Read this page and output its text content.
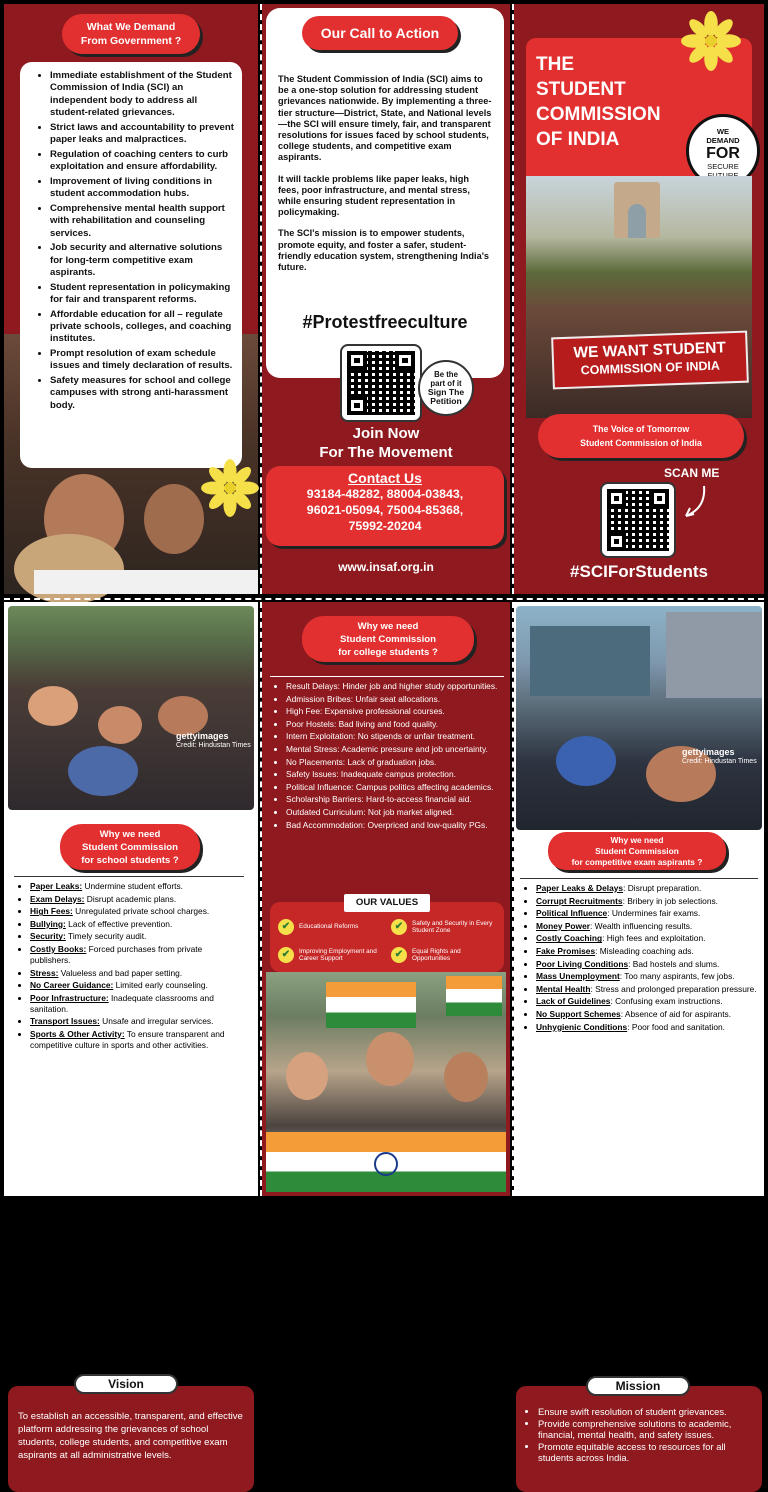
What We Demand
From Government ?
• Immediate establishment of the Student Commission of India (SCI) an independent body to address all student-related grievances.
• Strict laws and accountability to prevent paper leaks and malpractices.
• Regulation of coaching centers to curb exploitation and ensure affordability.
• Improvement of living conditions in student accommodation hubs.
• Comprehensive mental health support with rehabilitation and counseling services.
• Job security and alternative solutions for long-term competitive exam aspirants.
• Student representation in policymaking for fair and transparent reforms.
• Affordable education for all – regulate private schools, colleges, and coaching institutes.
• Prompt resolution of exam schedule issues and timely declaration of results.
• Safety measures for school and college campuses with strong anti-harassment body.

The Student Commission of India (SCI) aims to be a one-stop solution for addressing student grievances nationwide. By implementing a three-tier structure—District, State, and National levels—the SCI will ensure timely, fair, and transparent resolutions for issues faced by school students, college students, and competitive exam aspirants.

It will tackle problems like paper leaks, high fees, poor infrastructure, and mental stress, while ensuring student representation in policymaking.

The SCI's mission is to empower students, promote equity, and foster a safer, student-friendly education system, strengthening India's future.

#Protestfreeculture
Our Call to Action
Be the
part of it
Sign The
Petition
Join Now
For The Movement
Contact Us
93184-48282, 88004-03843,
96021-05094, 75004-85368,
75992-20204
www.insaf.org.in
THE
STUDENT
COMMISSION
OF INDIA	WE
DEMAND
FOR
SECURE
WE WANT STUDENT
COMMISSION OF INDIA
The Voice of Tomorrow
Student Commission of India
SCAN ME
#SCIForStudents
gettyimages
Credit: Hindustan Times
Why we need
Student Commission
for school students ?
• Paper Leaks: Undermine student efforts.
• Exam Delays: Disrupt academic plans.
• High Fees: Unregulated private school charges.
• Bullying: Lack of effective prevention.
• Security: Timely security audit.
• Costly Books: Forced purchases from private publishers.
• Stress: Valueless and bad paper setting.
• No Career Guidance: Limited early counseling.
• Poor Infrastructure: Inadequate classrooms and sanitation.
• Transport Issues: Unsafe and irregular services.
• Sports & Other Activity: To ensure transparent and competitive culture in sports and other activities.

To establish an accessible, transparent, and effective platform addressing the grievances of school students, college students, and competitive exam aspirants at all administrative levels.

Vision
Why we need
Student Commission
for college students ?
• Result Delays: Hinder job and higher study opportunities.
• Admission Bribes: Unfair seat allocations.
• High Fee: Expensive professional courses.
• Poor Hostels: Bad living and food quality.
• Intern Exploitation: No stipends or unfair treatment.
• Mental Stress: Academic pressure and job uncertainty.
• No Placements: Lack of graduation jobs.
• Safety Issues: Inadequate campus protection.
• Political Influence: Campus politics affecting academics.
• Scholarship Barriers: Hard-to-access financial aid.
• Outdated Curriculum: Not job market aligned.
• Bad Accommodation: Overpriced and low-quality PGs.
OUR VALUES
✔	Educational Reforms	✔	Safety and Security in Every Student Zone
✔	Improving Employment and Career Support	✔	Equal Rights and Opportunities
gettyimages
Credit: Hindustan Times
Why we need
Student Commission
for competitive exam aspirants ?
• Paper Leaks & Delays: Disrupt preparation.
• Corrupt Recruitments: Bribery in job selections.
• Political Influence: Undermines fair exams.
• Money Power: Wealth influencing results.
• Costly Coaching: High fees and exploitation.
• Fake Promises: Misleading coaching ads.
• Poor Living Conditions: Bad hostels and slums.
• Mass Unemployment: Too many aspirants, few jobs.
• Mental Health: Stress and prolonged preparation pressure.
• Lack of Guidelines: Confusing exam instructions.
• No Support Schemes: Absence of aid for aspirants.
• Unhygienic Conditions: Poor food and sanitation.
• Ensure swift resolution of student grievances.
• Provide comprehensive solutions to academic, financial, mental health, and safety issues.
• Promote equitable access to resources for all students across India.
Mission
